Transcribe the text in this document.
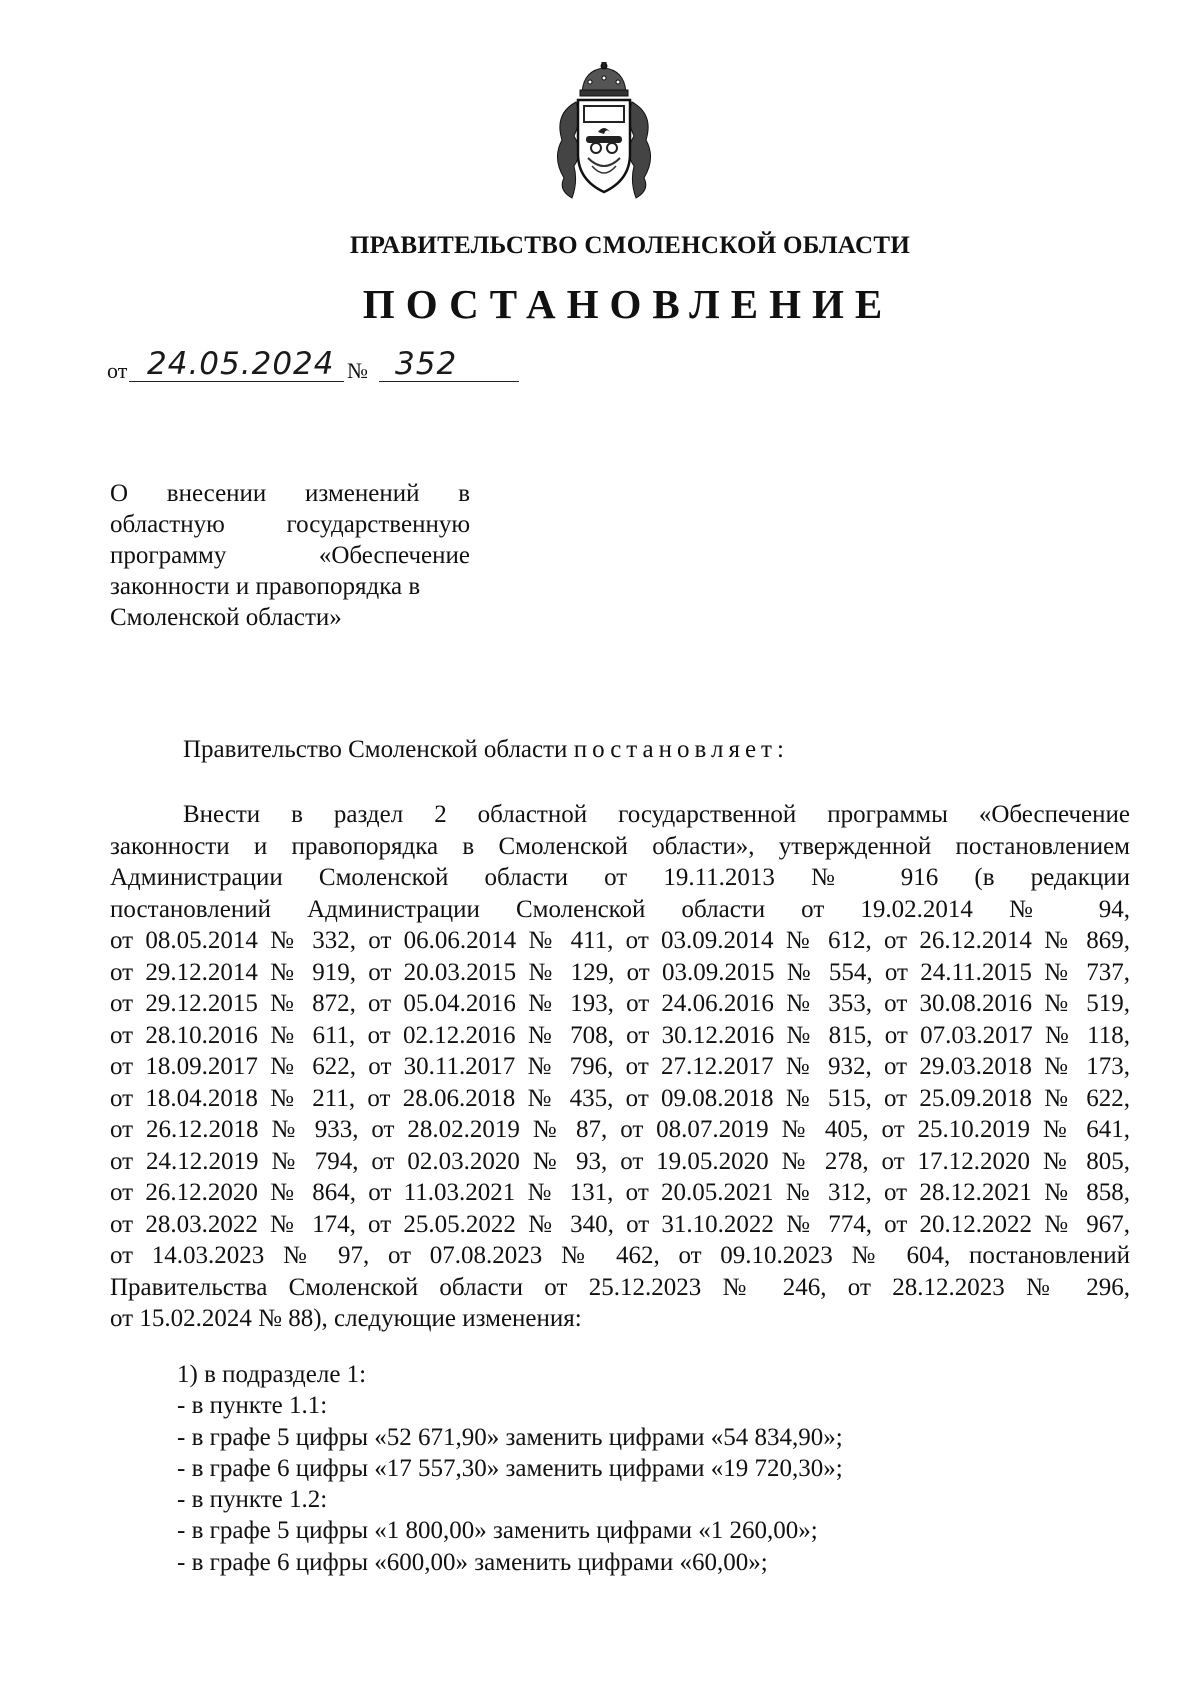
ПРАВИТЕЛЬСТВО СМОЛЕНСКОЙ ОБЛАСТИ
ПОСТАНОВЛЕНИЕ
от 24.05.2024 № 352
О внесении изменений в
областную государственную
программу «Обеспечение
законности и правопорядка в
Смоленской области»
Правительство Смоленской области постановляет:
Внести в раздел 2 областной государственной программы «Обеспечение
законности и правопорядка в Смоленской области», утвержденной постановлением
Администрации Смоленской области от 19.11.2013 № 916 (в редакции
постановлений Администрации Смоленской области от 19.02.2014 № 94,
от 08.05.2014 № 332, от 06.06.2014 № 411, от 03.09.2014 № 612, от 26.12.2014 № 869,
от 29.12.2014 № 919, от 20.03.2015 № 129, от 03.09.2015 № 554, от 24.11.2015 № 737,
от 29.12.2015 № 872, от 05.04.2016 № 193, от 24.06.2016 № 353, от 30.08.2016 № 519,
от 28.10.2016 № 611, от 02.12.2016 № 708, от 30.12.2016 № 815, от 07.03.2017 № 118,
от 18.09.2017 № 622, от 30.11.2017 № 796, от 27.12.2017 № 932, от 29.03.2018 № 173,
от 18.04.2018 № 211, от 28.06.2018 № 435, от 09.08.2018 № 515, от 25.09.2018 № 622,
от 26.12.2018 № 933, от 28.02.2019 № 87, от 08.07.2019 № 405, от 25.10.2019 № 641,
от 24.12.2019 № 794, от 02.03.2020 № 93, от 19.05.2020 № 278, от 17.12.2020 № 805,
от 26.12.2020 № 864, от 11.03.2021 № 131, от 20.05.2021 № 312, от 28.12.2021 № 858,
от 28.03.2022 № 174, от 25.05.2022 № 340, от 31.10.2022 № 774, от 20.12.2022 № 967,
от 14.03.2023 № 97, от 07.08.2023 № 462, от 09.10.2023 № 604, постановлений
Правительства Смоленской области от 25.12.2023 № 246, от 28.12.2023 № 296,
от 15.02.2024 № 88), следующие изменения:
1) в подразделе 1:
- в пункте 1.1:
- в графе 5 цифры «52 671,90» заменить цифрами «54 834,90»;
- в графе 6 цифры «17 557,30» заменить цифрами «19 720,30»;
- в пункте 1.2:
- в графе 5 цифры «1 800,00» заменить цифрами «1 260,00»;
- в графе 6 цифры «600,00» заменить цифрами «60,00»;
